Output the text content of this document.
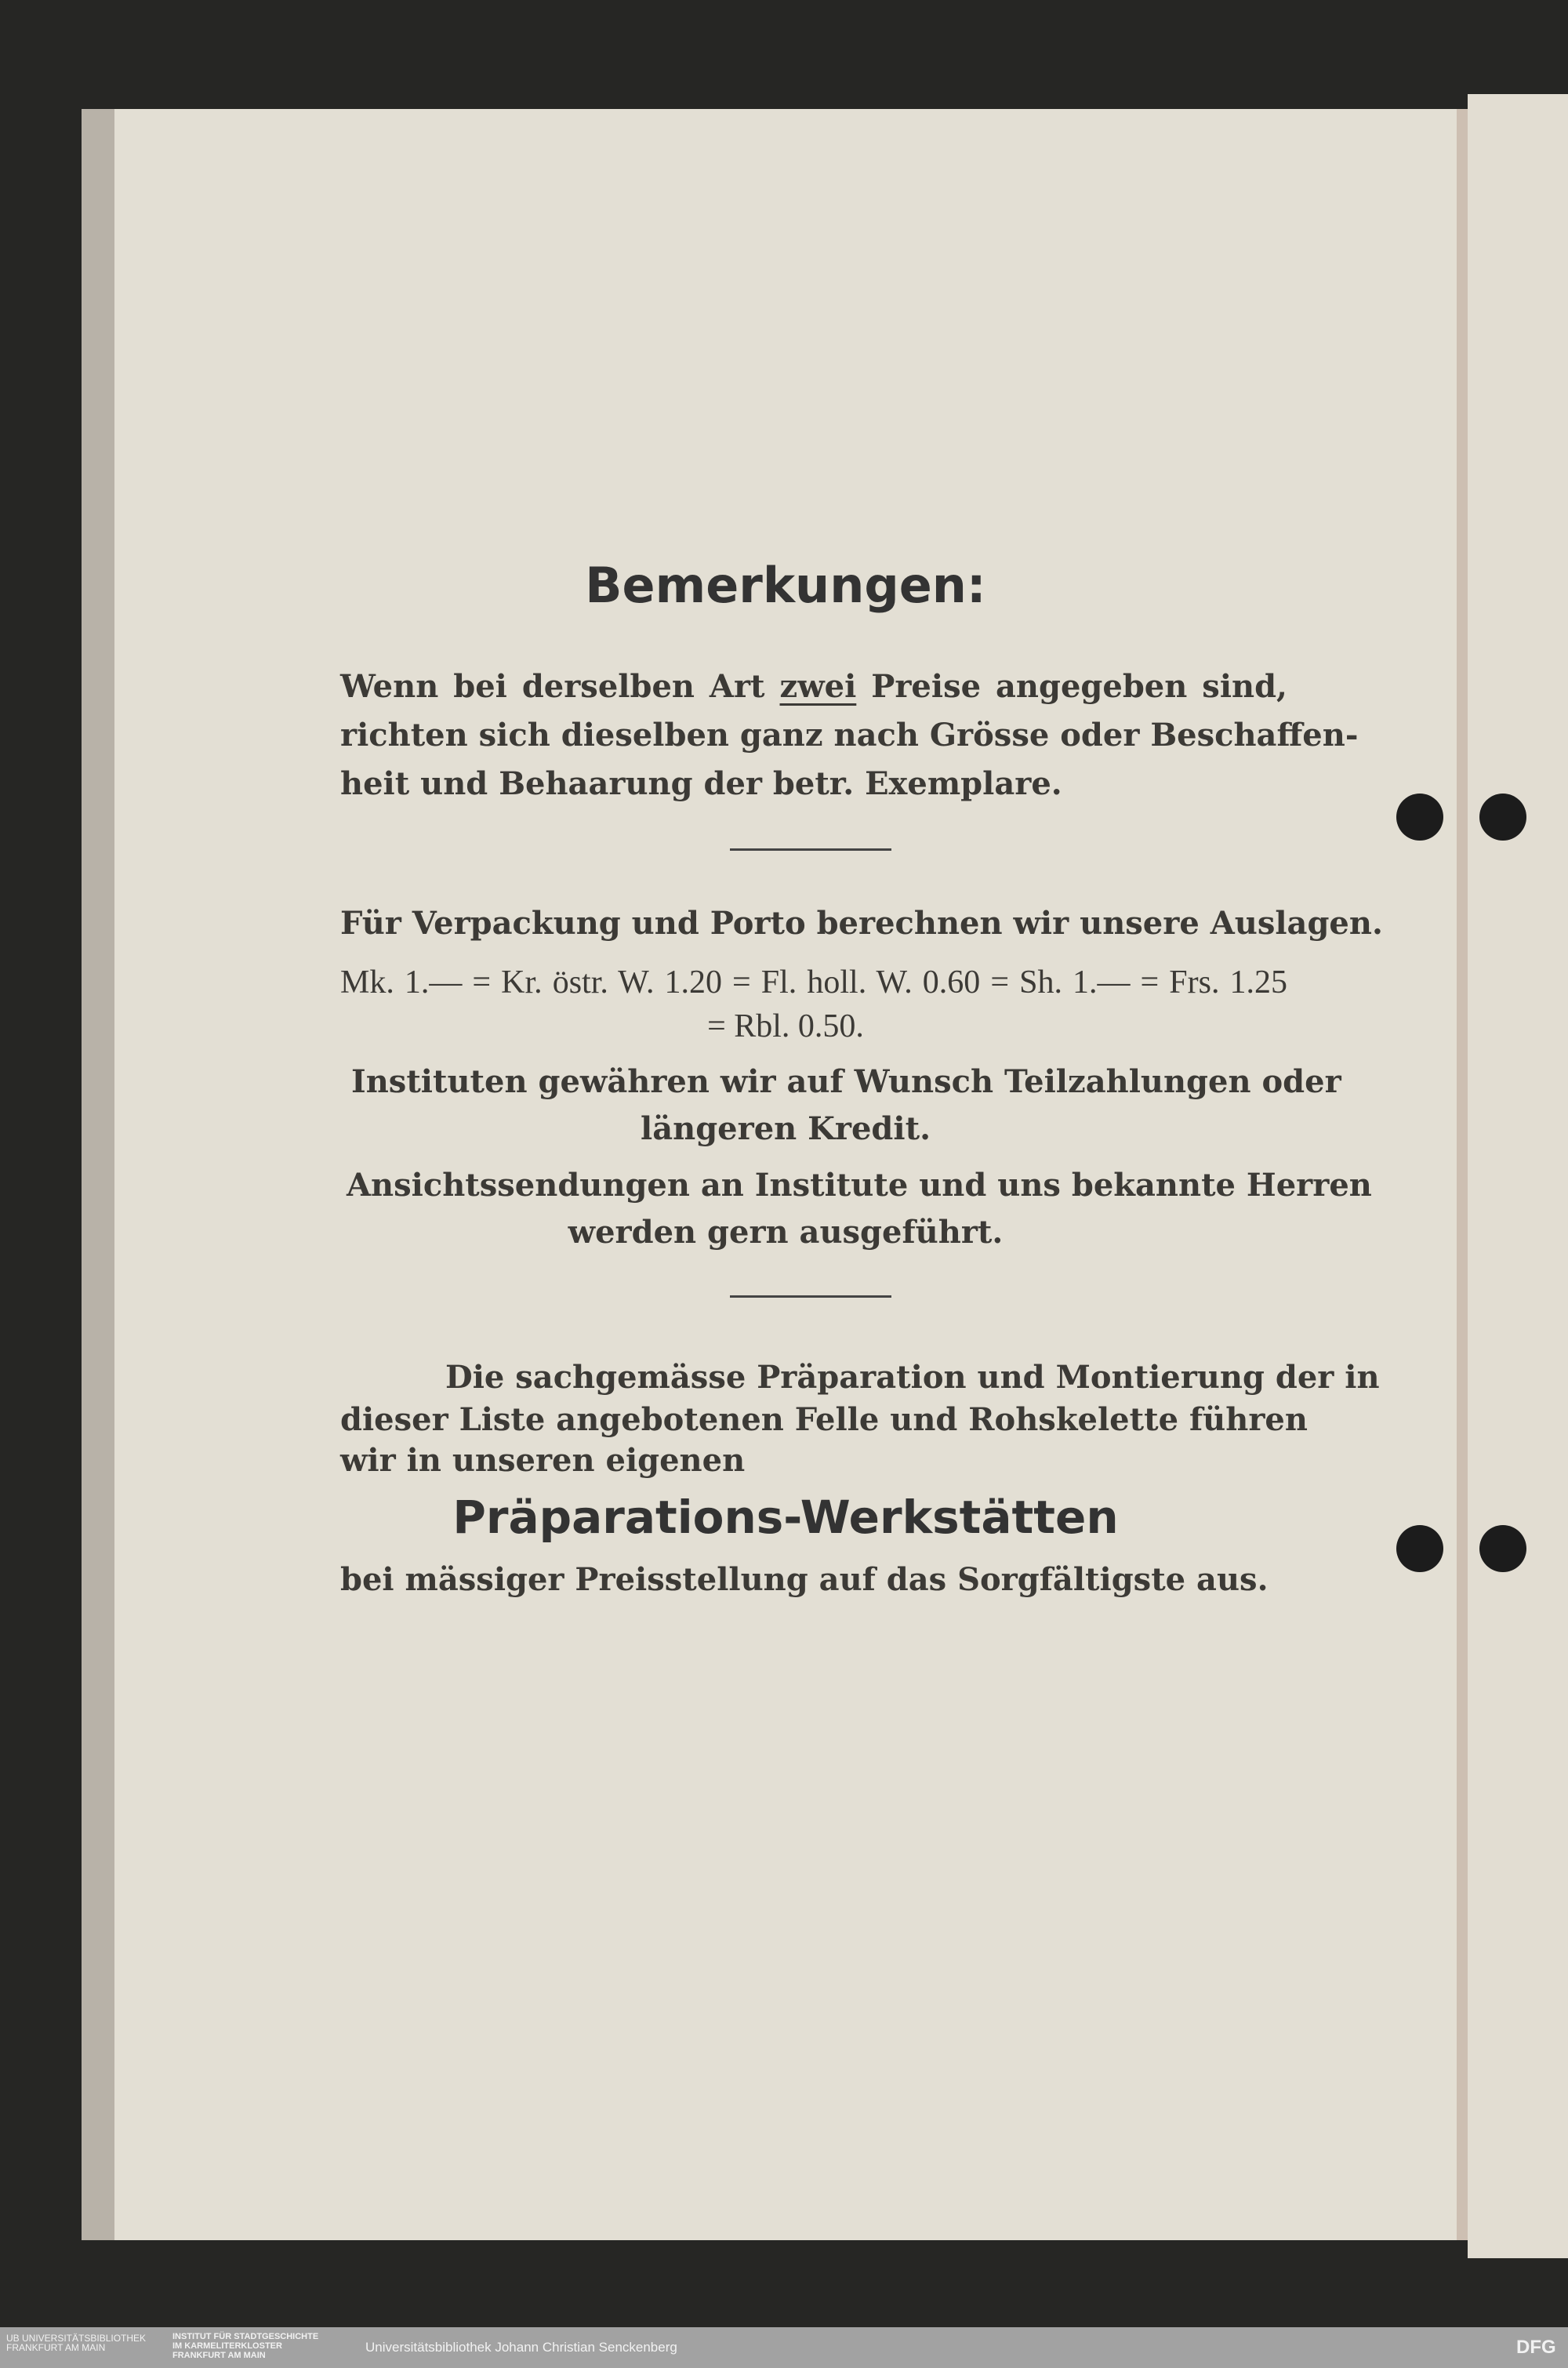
Bemerkungen:
Wenn bei derselben Art zwei Preise angegeben sind,
richten sich dieselben ganz nach Grösse oder Beschaffen-
heit und Behaarung der betr. Exemplare.
Für Verpackung und Porto berechnen wir unsere Auslagen.
Mk. 1.— = Kr. östr. W. 1.20 = Fl. holl. W. 0.60 = Sh. 1.— = Frs. 1.25
= Rbl. 0.50.
Instituten gewähren wir auf Wunsch Teilzahlungen oder
längeren Kredit.
Ansichtssendungen an Institute und uns bekannte Herren
werden gern ausgeführt.
Die sachgemässe Präparation und Montierung der in
dieser Liste angebotenen Felle und Rohskelette führen
wir in unseren eigenen
Präparations-Werkstätten
bei mässiger Preisstellung auf das Sorgfältigste aus.
UB UNIVERSITÄTSBIBLIOTHEK FRANKFURT AM MAIN
INSTITUT FÜR STADTGESCHICHTE IM KARMELITERKLOSTER FRANKFURT AM MAIN
Universitätsbibliothek Johann Christian Senckenberg	DFG
